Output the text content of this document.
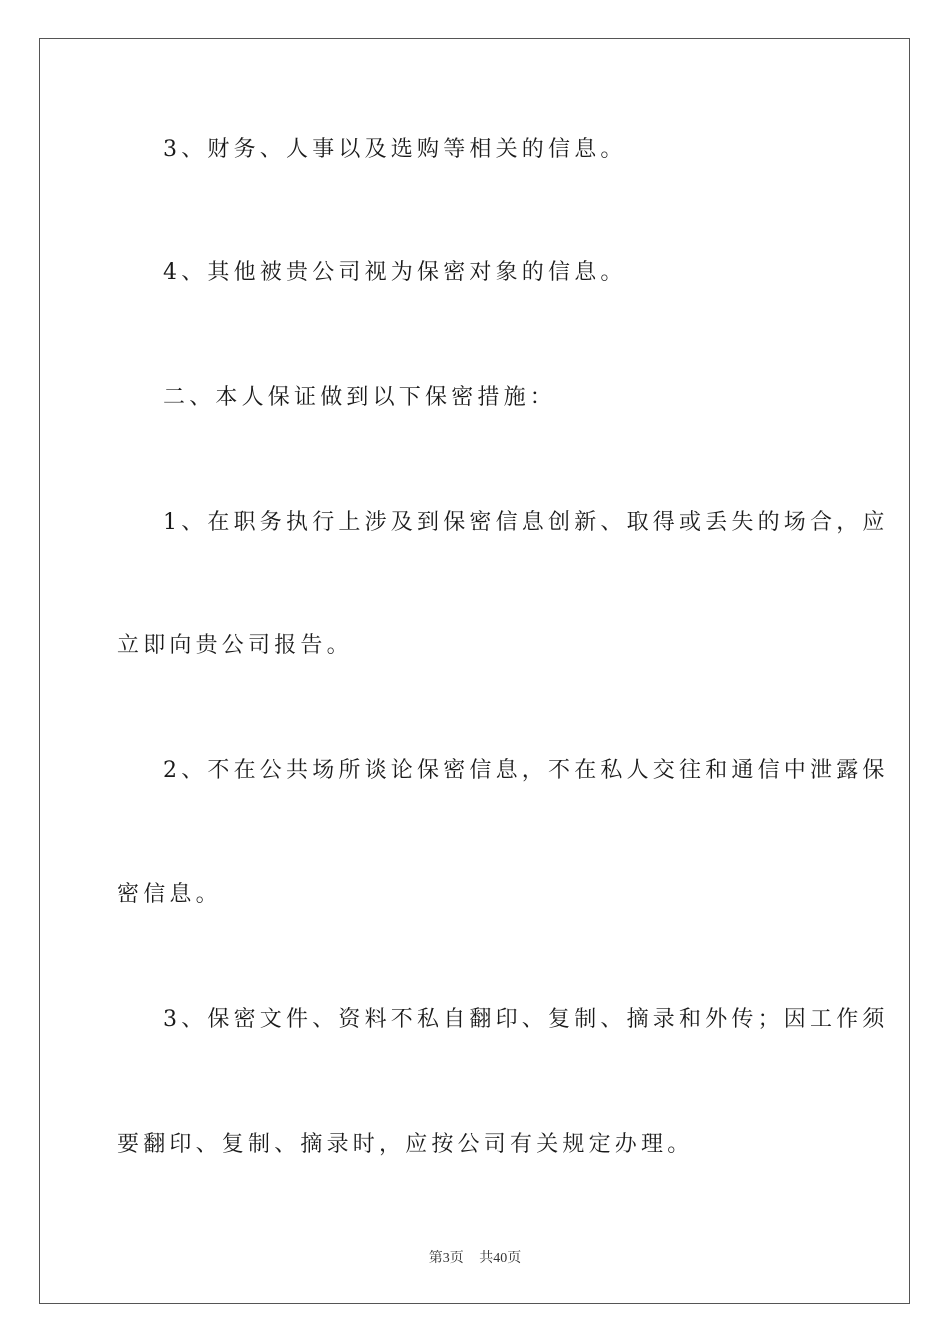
3、财务、人事以及选购等相关的信息。
4、其他被贵公司视为保密对象的信息。
二、本人保证做到以下保密措施：
1、在职务执行上涉及到保密信息创新、取得或丢失的场合，应
立即向贵公司报告。
2、不在公共场所谈论保密信息，不在私人交往和通信中泄露保
密信息。
3、保密文件、资料不私自翻印、复制、摘录和外传；因工作须
要翻印、复制、摘录时，应按公司有关规定办理。
第3页 共40页
